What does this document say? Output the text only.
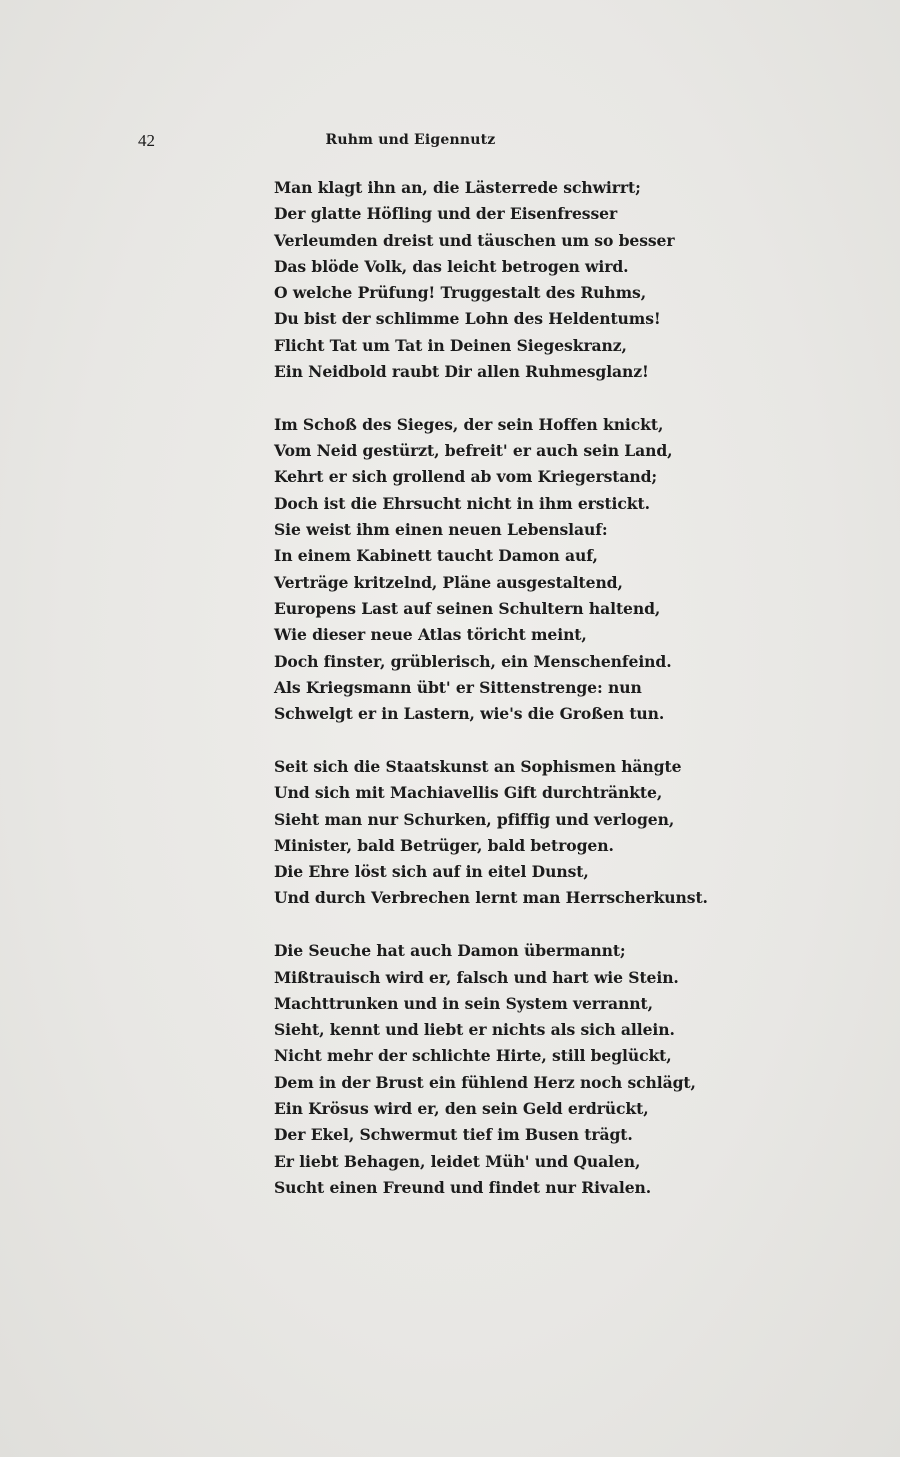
42	Ruhm und Eigennutz
Man klagt ihn an, die Lästerrede schwirrt;
Der glatte Höfling und der Eisenfresser
Verleumden dreist und täuschen um so besser
Das blöde Volk, das leicht betrogen wird.
O welche Prüfung! Truggestalt des Ruhms,
Du bist der schlimme Lohn des Heldentums!
Flicht Tat um Tat in Deinen Siegeskranz,
Ein Neidbold raubt Dir allen Ruhmesglanz!
Im Schoß des Sieges, der sein Hoffen knickt,
Vom Neid gestürzt, befreit' er auch sein Land,
Kehrt er sich grollend ab vom Kriegerstand;
Doch ist die Ehrsucht nicht in ihm erstickt.
Sie weist ihm einen neuen Lebenslauf:
In einem Kabinett taucht Damon auf,
Verträge kritzelnd, Pläne ausgestaltend,
Europens Last auf seinen Schultern haltend,
Wie dieser neue Atlas töricht meint,
Doch finster, grüblerisch, ein Menschenfeind.
Als Kriegsmann übt' er Sittenstrenge: nun
Schwelgt er in Lastern, wie's die Großen tun.
Seit sich die Staatskunst an Sophismen hängte
Und sich mit Machiavellis Gift durchtränkte,
Sieht man nur Schurken, pfiffig und verlogen,
Minister, bald Betrüger, bald betrogen.
Die Ehre löst sich auf in eitel Dunst,
Und durch Verbrechen lernt man Herrscherkunst.
Die Seuche hat auch Damon übermannt;
Mißtrauisch wird er, falsch und hart wie Stein.
Machttrunken und in sein System verrannt,
Sieht, kennt und liebt er nichts als sich allein.
Nicht mehr der schlichte Hirte, still beglückt,
Dem in der Brust ein fühlend Herz noch schlägt,
Ein Krösus wird er, den sein Geld erdrückt,
Der Ekel, Schwermut tief im Busen trägt.
Er liebt Behagen, leidet Müh' und Qualen,
Sucht einen Freund und findet nur Rivalen.
